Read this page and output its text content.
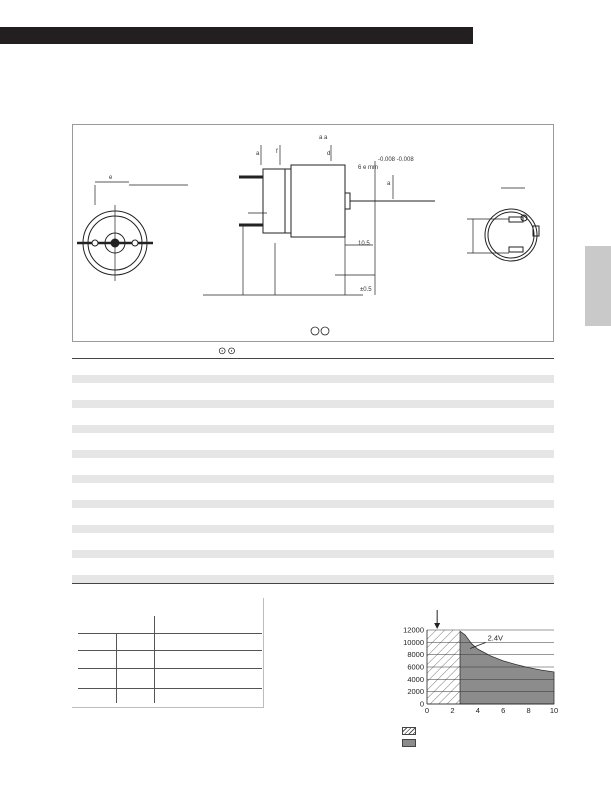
e
a	f
a a
d
6 e mm
-0.008 -0.008
a
10.5
±0.5
⊙⊙
12000
10000
8000
6000
4000
2000
0
0	2	4	6	8	10
2.4V
